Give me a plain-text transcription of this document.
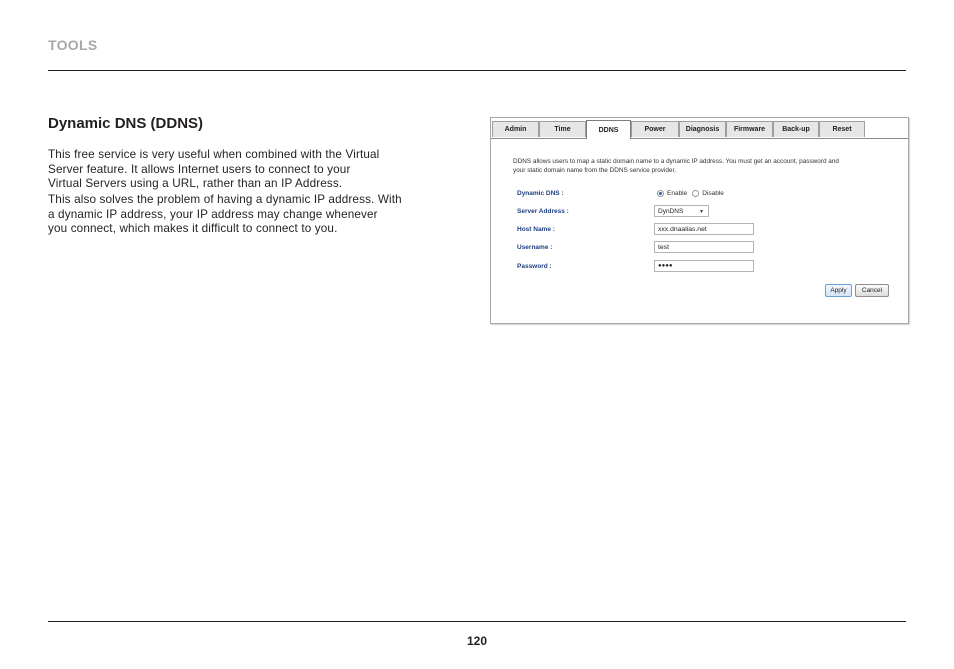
TOOLS
Dynamic DNS (DDNS)
This free service is very useful when combined with the Virtual
Server feature. It allows Internet users to connect to your
Virtual Servers using a URL, rather than an IP Address.
This also solves the problem of having a dynamic IP address. With
a dynamic IP address, your IP address may change whenever
you connect, which makes it difficult to connect to you.
Admin	Time	DDNS	Power	Diagnosis	Firmware	Back-up	Reset
DDNS allows users to map a static domain name to a dynamic IP address. You must get an account, password and
your static domain name from the DDNS service provider.
Dynamic DNS :	Enable Disable
Server Address :	DynDNS	▼
Host Name :	xxx.dnaalias.net
Username :	test
Password :	●●●●
Apply	Cancel
120
